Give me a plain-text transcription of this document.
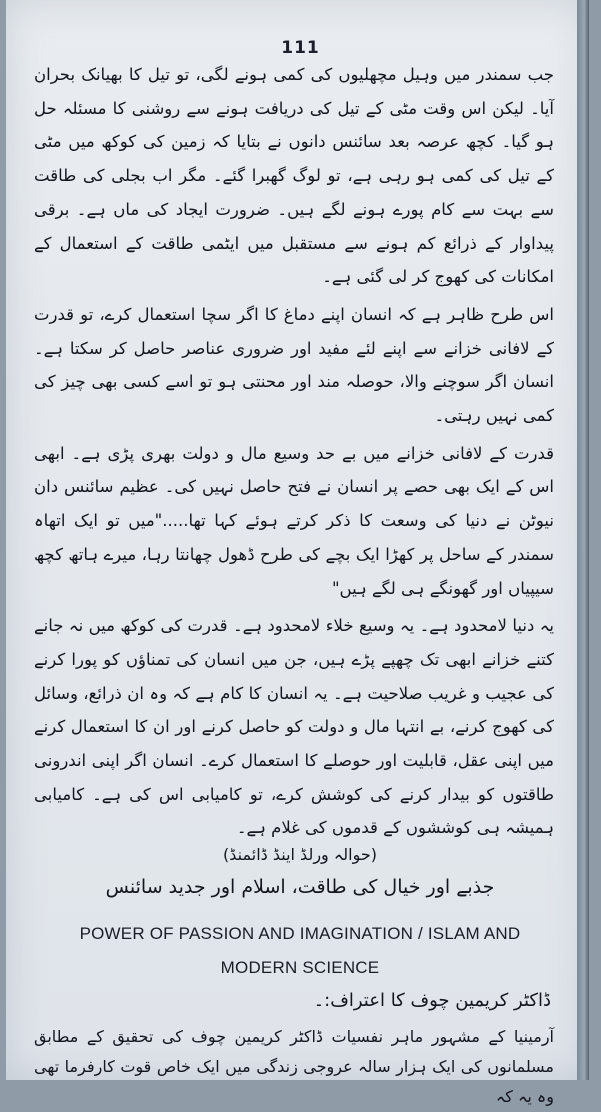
111

جب سمندر میں وہیل مچھلیوں کی کمی ہونے لگی، تو تیل کا بھیانک بحران آیا۔ لیکن اس وقت مٹی کے تیل کی دریافت ہونے سے روشنی کا مسئلہ حل ہو گیا۔ کچھ عرصہ بعد سائنس دانوں نے بتایا کہ زمین کی کوکھ میں مٹی کے تیل کی کمی ہو رہی ہے، تو لوگ گھبرا گئے۔ مگر اب بجلی کی طاقت سے بہت سے کام پورے ہونے لگے ہیں۔ ضرورت ایجاد کی ماں ہے۔ برقی پیداوار کے ذرائع کم ہونے سے مستقبل میں ایٹمی طاقت کے استعمال کے امکانات کی کھوج کر لی گئی ہے۔

اس طرح ظاہر ہے کہ انسان اپنے دماغ کا اگر سچا استعمال کرے، تو قدرت کے لافانی خزانے سے اپنے لئے مفید اور ضروری عناصر حاصل کر سکتا ہے۔ انسان اگر سوچنے والا، حوصلہ مند اور محنتی ہو تو اسے کسی بھی چیز کی کمی نہیں رہتی۔

قدرت کے لافانی خزانے میں بے حد وسیع مال و دولت بھری پڑی ہے۔ ابھی اس کے ایک بھی حصے پر انسان نے فتح حاصل نہیں کی۔ عظیم سائنس دان نیوٹن نے دنیا کی وسعت کا ذکر کرتے ہوئے کہا تھا....."میں تو ایک اتھاہ سمندر کے ساحل پر کھڑا ایک بچے کی طرح ڈھول چھانتا رہا، میرے ہاتھ کچھ سیپیاں اور گھونگے ہی لگے ہیں"

یہ دنیا لامحدود ہے۔ یہ وسیع خلاء لامحدود ہے۔ قدرت کی کوکھ میں نہ جانے کتنے خزانے ابھی تک چھپے پڑے ہیں، جن میں انسان کی تمناؤں کو پورا کرنے کی عجیب و غریب صلاحیت ہے۔ یہ انسان کا کام ہے کہ وہ ان ذرائع، وسائل کی کھوج کرنے، بے انتہا مال و دولت کو حاصل کرنے اور ان کا استعمال کرنے میں اپنی عقل، قابلیت اور حوصلے کا استعمال کرے۔ انسان اگر اپنی اندرونی طاقتوں کو بیدار کرنے کی کوشش کرے، تو کامیابی اس کی ہے۔ کامیابی ہمیشہ ہی کوششوں کے قدموں کی غلام ہے۔

(حوالہ ورلڈ اینڈ ڈائمنڈ)
جذبے اور خیال کی طاقت، اسلام اور جدید سائنس
POWER OF PASSION AND IMAGINATION / ISLAM AND
MODERN SCIENCE
ڈاکٹر کریمین چوف کا اعتراف:۔
آرمینیا کے مشہور ماہر نفسیات ڈاکٹر کریمین چوف کی تحقیق کے مطابق مسلمانوں کی ایک ہزار سالہ عروجی زندگی میں ایک خاص قوت کارفرما تھی وہ یہ کہ
